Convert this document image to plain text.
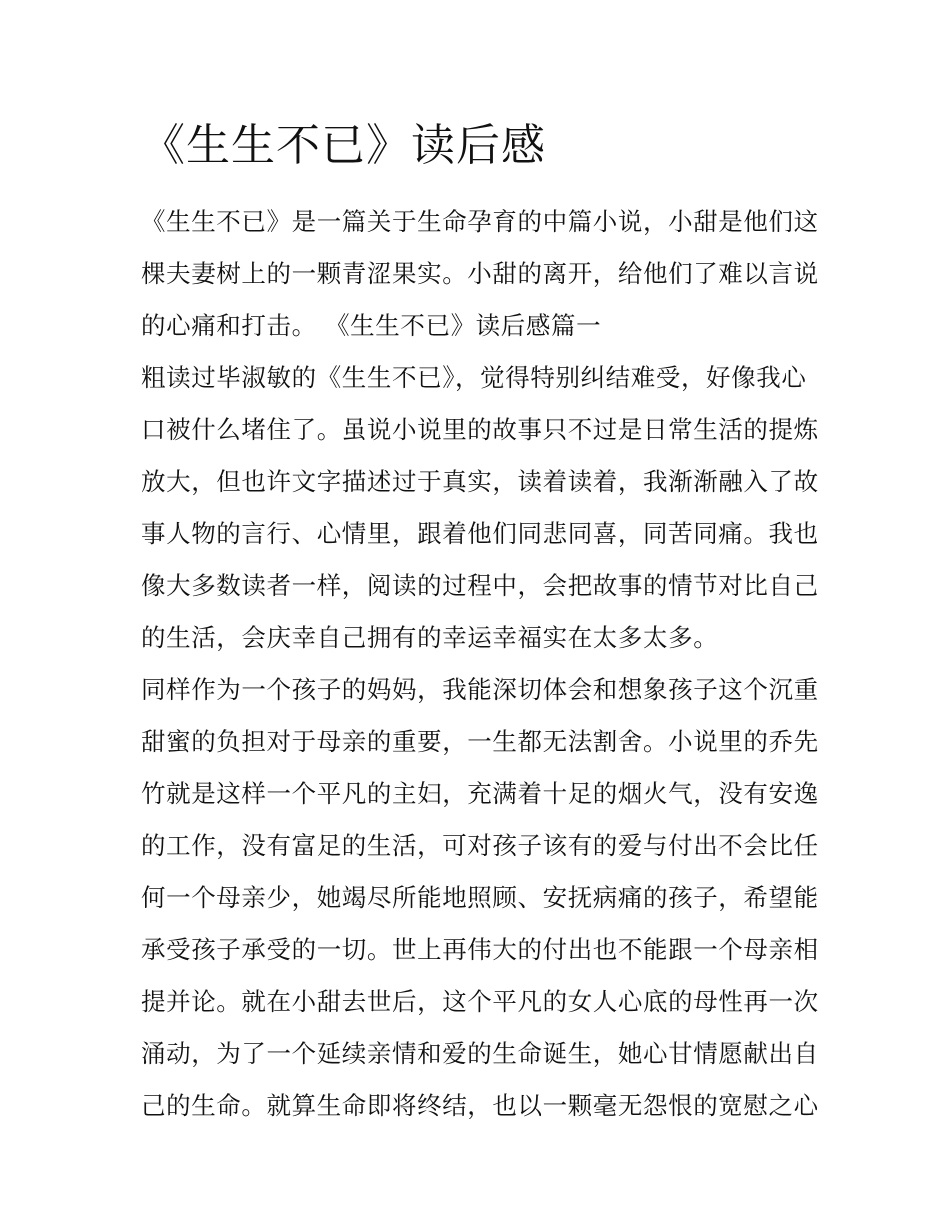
《生生不已》读后感
《生生不已》是一篇关于生命孕育的中篇小说，小甜是他们这
棵夫妻树上的一颗青涩果实。小甜的离开，给他们了难以言说
的心痛和打击。 《生生不已》读后感篇一
粗读过毕淑敏的《生生不已》，觉得特别纠结难受，好像我心
口被什么堵住了。虽说小说里的故事只不过是日常生活的提炼
放大，但也许文字描述过于真实，读着读着，我渐渐融入了故
事人物的言行、心情里，跟着他们同悲同喜，同苦同痛。我也
像大多数读者一样，阅读的过程中，会把故事的情节对比自己
的生活，会庆幸自己拥有的幸运幸福实在太多太多。
同样作为一个孩子的妈妈，我能深切体会和想象孩子这个沉重
甜蜜的负担对于母亲的重要，一生都无法割舍。小说里的乔先
竹就是这样一个平凡的主妇，充满着十足的烟火气，没有安逸
的工作，没有富足的生活，可对孩子该有的爱与付出不会比任
何一个母亲少，她竭尽所能地照顾、安抚病痛的孩子，希望能
承受孩子承受的一切。世上再伟大的付出也不能跟一个母亲相
提并论。就在小甜去世后，这个平凡的女人心底的母性再一次
涌动，为了一个延续亲情和爱的生命诞生，她心甘情愿献出自
己的生命。就算生命即将终结，也以一颗毫无怨恨的宽慰之心
